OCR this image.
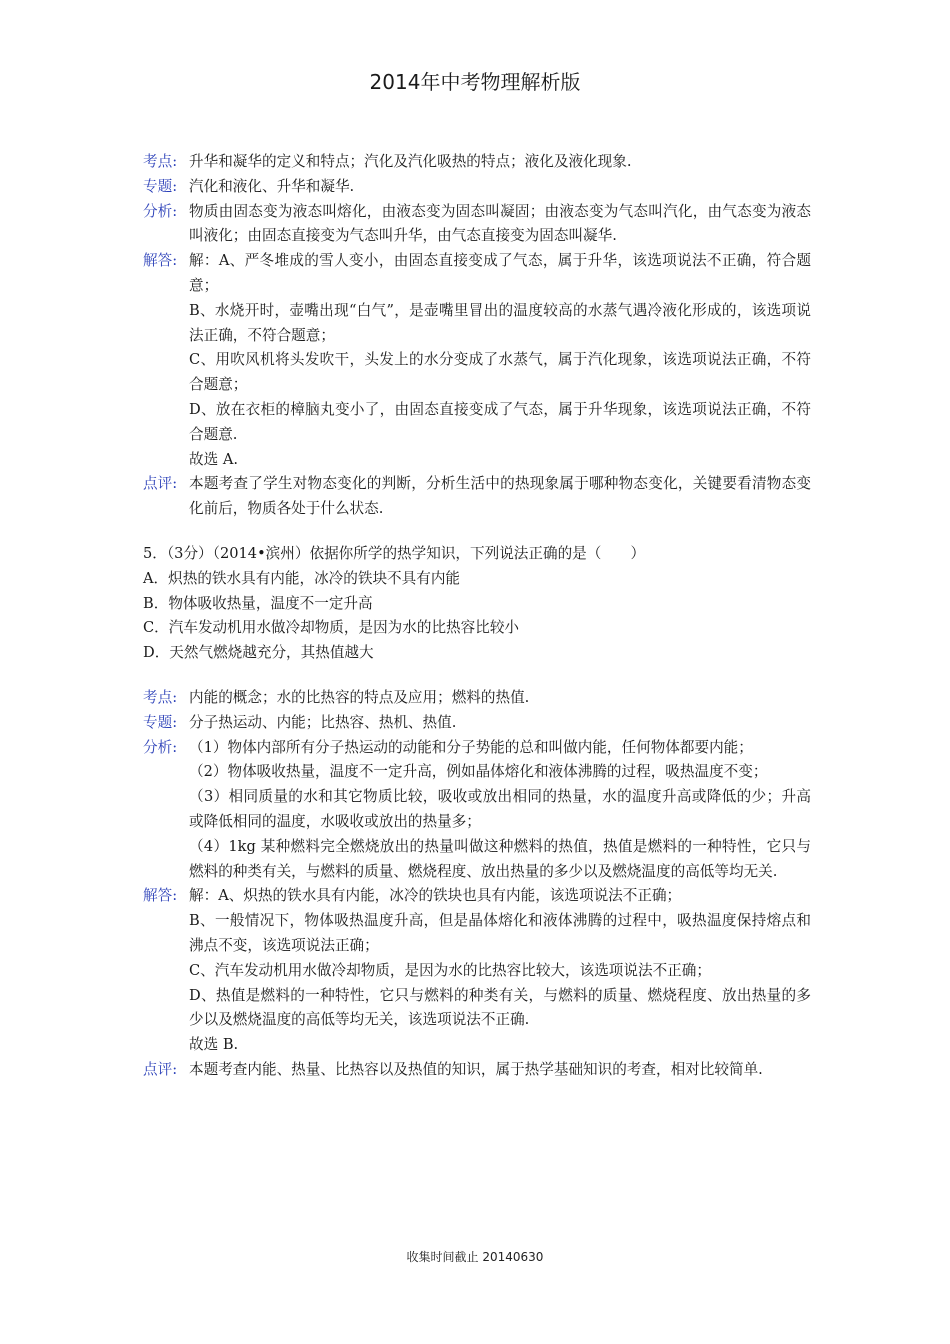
2014年中考物理解析版
考点: 升华和凝华的定义和特点；汽化及汽化吸热的特点；液化及液化现象.
专题: 汽化和液化、升华和凝华.
分析: 物质由固态变为液态叫熔化，由液态变为固态叫凝固；由液态变为气态叫汽化，由气态变为液态叫液化；由固态直接变为气态叫升华，由气态直接变为固态叫凝华.
解答: 解：A、严冬堆成的雪人变小，由固态直接变成了气态，属于升华，该选项说法不正确，符合题意；
B、水烧开时，壶嘴出现“白气”，是壶嘴里冒出的温度较高的水蒸气遇冷液化形成的，该选项说法正确，不符合题意；
C、用吹风机将头发吹干，头发上的水分变成了水蒸气，属于汽化现象，该选项说法正确，不符合题意；
D、放在衣柜的樟脑丸变小了，由固态直接变成了气态，属于升华现象，该选项说法正确，不符合题意.
故选 A.
点评: 本题考查了学生对物态变化的判断，分析生活中的热现象属于哪种物态变化，关键要看清物态变化前后，物质各处于什么状态.
5．（3分）（2014•滨州）依据你所学的热学知识，下列说法正确的是（　　）
A．炽热的铁水具有内能，冰冷的铁块不具有内能
B．物体吸收热量，温度不一定升高
C．汽车发动机用水做冷却物质，是因为水的比热容比较小
D．天然气燃烧越充分，其热值越大
考点: 内能的概念；水的比热容的特点及应用；燃料的热值.
专题: 分子热运动、内能；比热容、热机、热值.
分析: （1）物体内部所有分子热运动的动能和分子势能的总和叫做内能，任何物体都要内能；
（2）物体吸收热量，温度不一定升高，例如晶体熔化和液体沸腾的过程，吸热温度不变；
（3）相同质量的水和其它物质比较，吸收或放出相同的热量，水的温度升高或降低的少；升高或降低相同的温度，水吸收或放出的热量多；
（4）1kg 某种燃料完全燃烧放出的热量叫做这种燃料的热值，热值是燃料的一种特性，它只与燃料的种类有关，与燃料的质量、燃烧程度、放出热量的多少以及燃烧温度的高低等均无关.
解答: 解：A、炽热的铁水具有内能，冰冷的铁块也具有内能，该选项说法不正确；
B、一般情况下，物体吸热温度升高，但是晶体熔化和液体沸腾的过程中，吸热温度保持熔点和沸点不变，该选项说法正确；
C、汽车发动机用水做冷却物质，是因为水的比热容比较大，该选项说法不正确；
D、热值是燃料的一种特性，它只与燃料的种类有关，与燃料的质量、燃烧程度、放出热量的多少以及燃烧温度的高低等均无关，该选项说法不正确.
故选 B.
点评: 本题考查内能、热量、比热容以及热值的知识，属于热学基础知识的考查，相对比较简单.
收集时间截止 20140630
